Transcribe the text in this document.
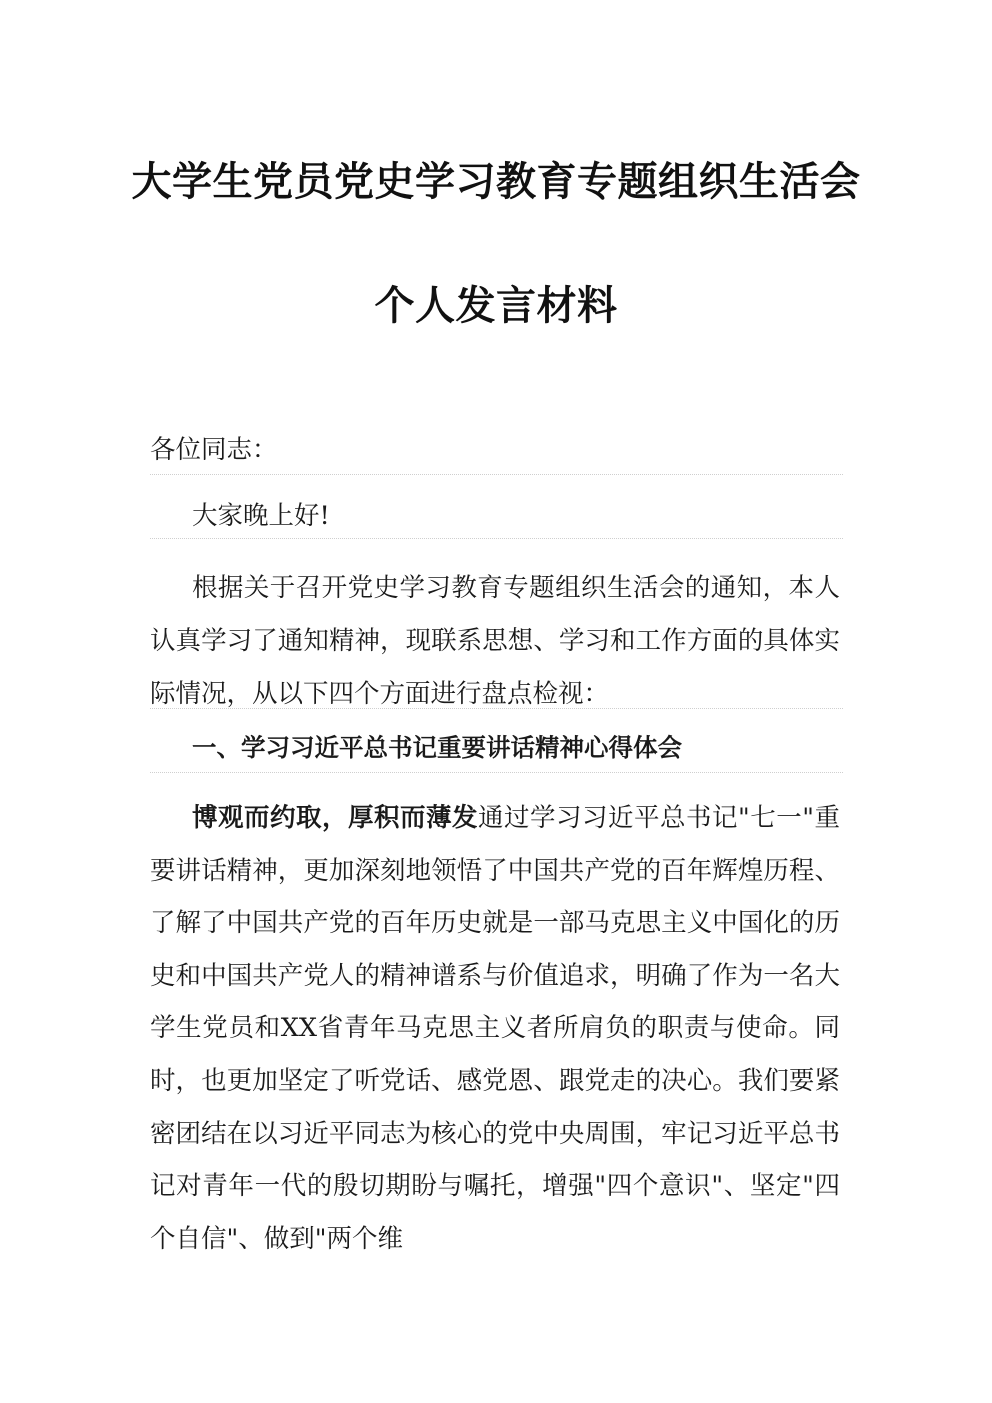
大学生党员党史学习教育专题组织生活会
个人发言材料
各位同志：
大家晚上好!
根据关于召开党史学习教育专题组织生活会的通知，本人认真学习了通知精神，现联系思想、学习和工作方面的具体实际情况，从以下四个方面进行盘点检视：
一、学习习近平总书记重要讲话精神心得体会
博观而约取，厚积而薄发通过学习习近平总书记"七一"重要讲话精神，更加深刻地领悟了中国共产党的百年辉煌历程、了解了中国共产党的百年历史就是一部马克思主义中国化的历史和中国共产党人的精神谱系与价值追求，明确了作为一名大学生党员和XX省青年马克思主义者所肩负的职责与使命。同时，也更加坚定了听党话、感党恩、跟党走的决心。我们要紧密团结在以习近平同志为核心的党中央周围，牢记习近平总书记对青年一代的殷切期盼与嘱托，增强"四个意识"、坚定"四个自信"、做到"两个维
